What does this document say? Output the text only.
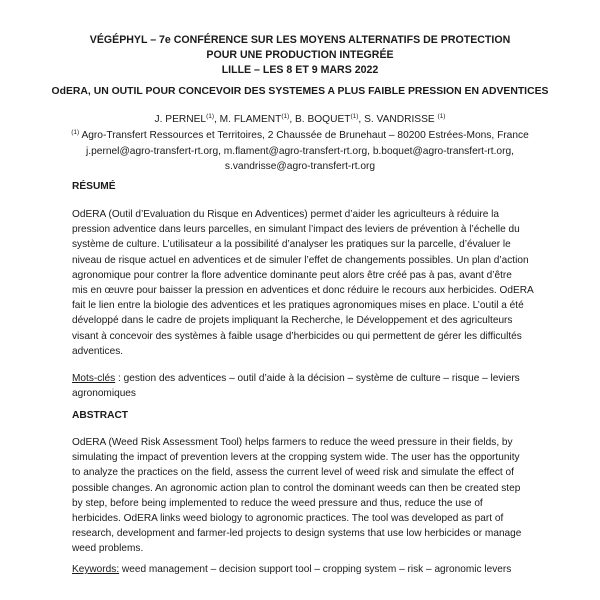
VÉGÉPHYL – 7e CONFÉRENCE SUR LES MOYENS ALTERNATIFS DE PROTECTION
POUR UNE PRODUCTION INTEGRÉE
LILLE – LES 8 ET 9 MARS 2022
OdERA, UN OUTIL POUR CONCEVOIR DES SYSTEMES A PLUS FAIBLE PRESSION EN ADVENTICES
J. PERNEL$^{(1)}$, M. FLAMENT$^{(1)}$, B. BOQUET$^{(1)}$, S. VANDRISSE $^{(1)}$
$^{(1)}$ Agro-Transfert Ressources et Territoires, 2 Chaussée de Brunehaut – 80200 Estrées-Mons, France
j.pernel@agro-transfert-rt.org, m.flament@agro-transfert-rt.org, b.boquet@agro-transfert-rt.org,
s.vandrisse@agro-transfert-rt.org
RÉSUMÉ
OdERA (Outil d’Evaluation du Risque en Adventices) permet d’aider les agriculteurs à réduire la
pression adventice dans leurs parcelles, en simulant l’impact des leviers de prévention à l’échelle du
système de culture. L’utilisateur a la possibilité d’analyser les pratiques sur la parcelle, d’évaluer le
niveau de risque actuel en adventices et de simuler l’effet de changements possibles. Un plan d’action
agronomique pour contrer la flore adventice dominante peut alors être créé pas à pas, avant d’être
mis en œuvre pour baisser la pression en adventices et donc réduire le recours aux herbicides. OdERA
fait le lien entre la biologie des adventices et les pratiques agronomiques mises en place. L’outil a été
développé dans le cadre de projets impliquant la Recherche, le Développement et des agriculteurs
visant à concevoir des systèmes à faible usage d’herbicides ou qui permettent de gérer les difficultés
adventices.
Mots-clés : gestion des adventices – outil d’aide à la décision – système de culture – risque – leviers
agronomiques
ABSTRACT
OdERA (Weed Risk Assessment Tool) helps farmers to reduce the weed pressure in their fields, by
simulating the impact of prevention levers at the cropping system wide. The user has the opportunity
to analyze the practices on the field, assess the current level of weed risk and simulate the effect of
possible changes. An agronomic action plan to control the dominant weeds can then be created step
by step, before being implemented to reduce the weed pressure and thus, reduce the use of
herbicides. OdERA links weed biology to agronomic practices. The tool was developed as part of
research, development and farmer-led projects to design systems that use low herbicides or manage
weed problems.
Keywords: weed management – decision support tool – cropping system – risk – agronomic levers
